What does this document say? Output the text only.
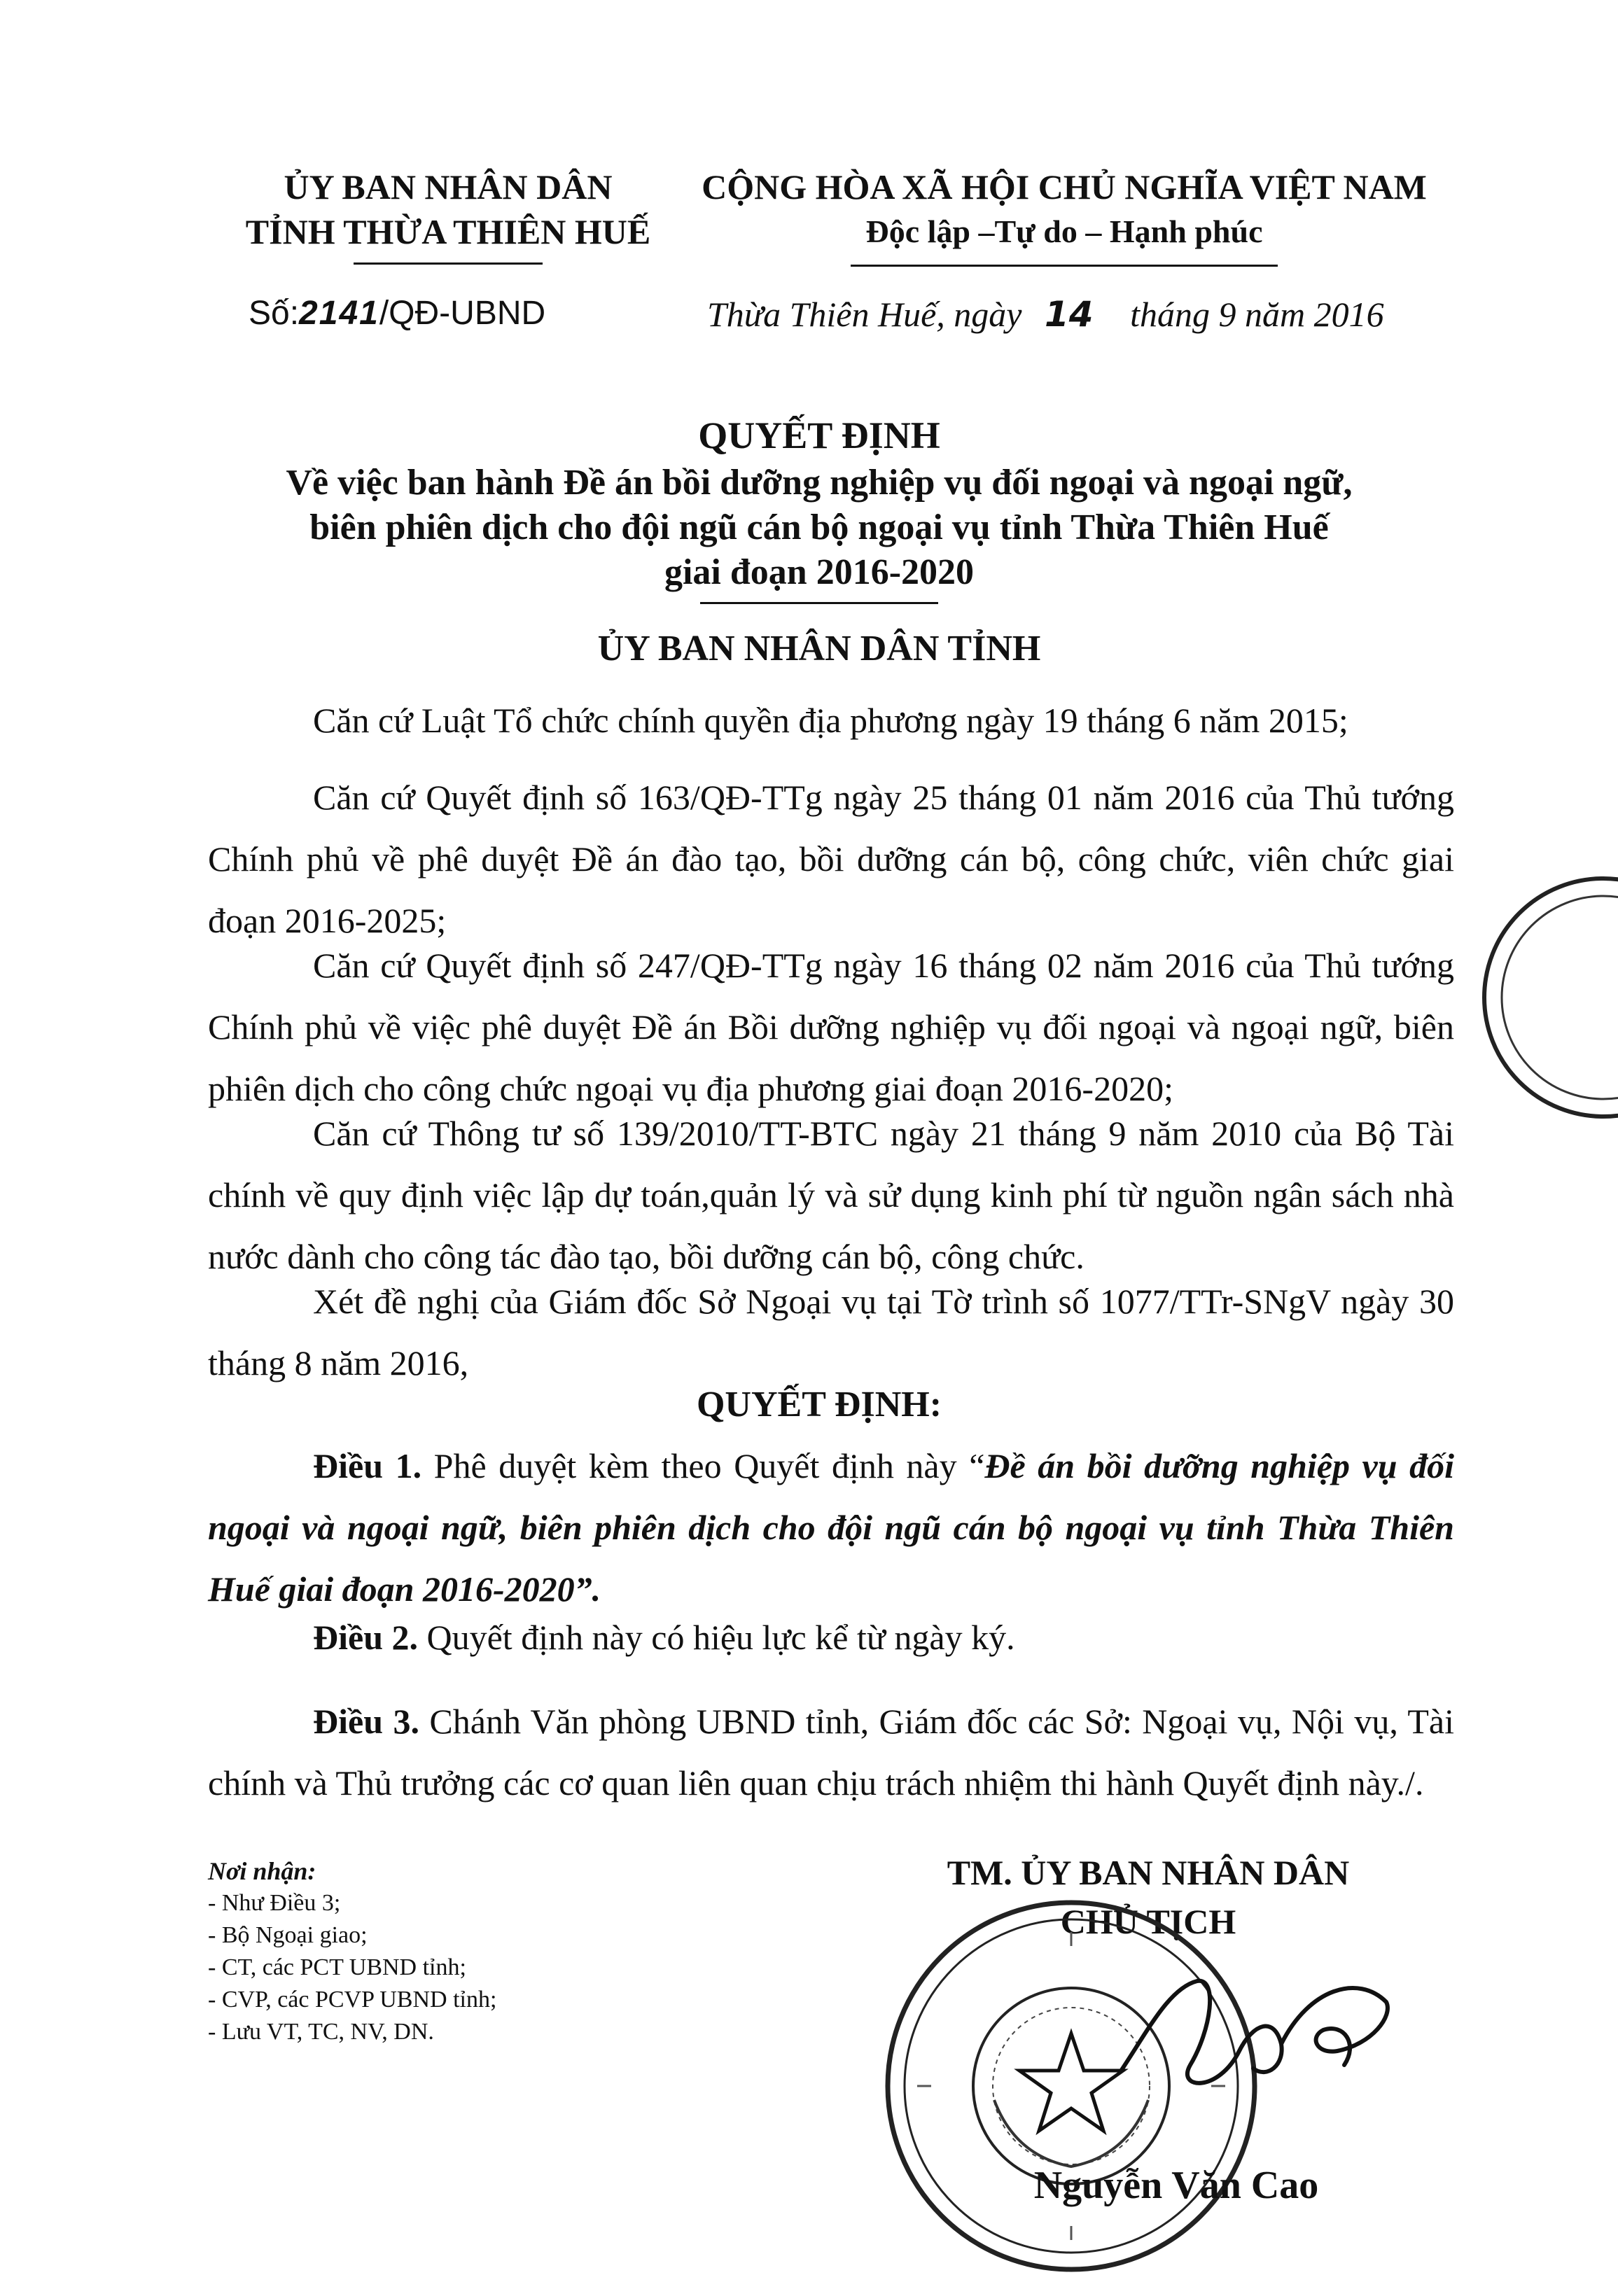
ỦY BAN NHÂN DÂN
TỈNH THỪA THIÊN HUẾ
CỘNG HÒA XÃ HỘI CHỦ NGHĨA VIỆT NAM
Độc lập –Tự do – Hạnh phúc
Số:2141/QĐ-UBND	Thừa Thiên Huế, ngày 14 tháng 9 năm 2016
QUYẾT ĐỊNH
Về việc ban hành Đề án bồi dưỡng nghiệp vụ đối ngoại và ngoại ngữ,
biên phiên dịch cho đội ngũ cán bộ ngoại vụ tỉnh Thừa Thiên Huế
giai đoạn 2016-2020
ỦY BAN NHÂN DÂN TỈNH
Căn cứ Luật Tổ chức chính quyền địa phương ngày 19 tháng 6 năm 2015;
Căn cứ Quyết định số 163/QĐ-TTg ngày 25 tháng 01 năm 2016 của Thủ tướng Chính phủ về phê duyệt Đề án đào tạo, bồi dưỡng cán bộ, công chức, viên chức giai đoạn 2016-2025;
Căn cứ Quyết định số 247/QĐ-TTg ngày 16 tháng 02 năm 2016 của Thủ tướng Chính phủ về việc phê duyệt Đề án Bồi dưỡng nghiệp vụ đối ngoại và ngoại ngữ, biên phiên dịch cho công chức ngoại vụ địa phương giai đoạn 2016-2020;
Căn cứ Thông tư số 139/2010/TT-BTC ngày 21 tháng 9 năm 2010 của Bộ Tài chính về quy định việc lập dự toán,quản lý và sử dụng kinh phí từ nguồn ngân sách nhà nước dành cho công tác đào tạo, bồi dưỡng cán bộ, công chức.
Xét đề nghị của Giám đốc Sở Ngoại vụ tại Tờ trình số 1077/TTr-SNgV ngày 30 tháng 8 năm 2016,
QUYẾT ĐỊNH:
Điều 1. Phê duyệt kèm theo Quyết định này “Đề án bồi dưỡng nghiệp vụ đối ngoại và ngoại ngữ, biên phiên dịch cho đội ngũ cán bộ ngoại vụ tỉnh Thừa Thiên Huế giai đoạn 2016-2020”.
Điều 2. Quyết định này có hiệu lực kể từ ngày ký.
Điều 3. Chánh Văn phòng UBND tỉnh, Giám đốc các Sở: Ngoại vụ, Nội vụ, Tài chính và Thủ trưởng các cơ quan liên quan chịu trách nhiệm thi hành Quyết định này./.
Nơi nhận:
- Như Điều 3;
- Bộ Ngoại giao;
- CT, các PCT UBND tỉnh;
- CVP, các PCVP UBND tỉnh;
- Lưu VT, TC, NV, DN.
TM. ỦY BAN NHÂN DÂN
CHỦ TỊCH
Nguyễn Văn Cao
